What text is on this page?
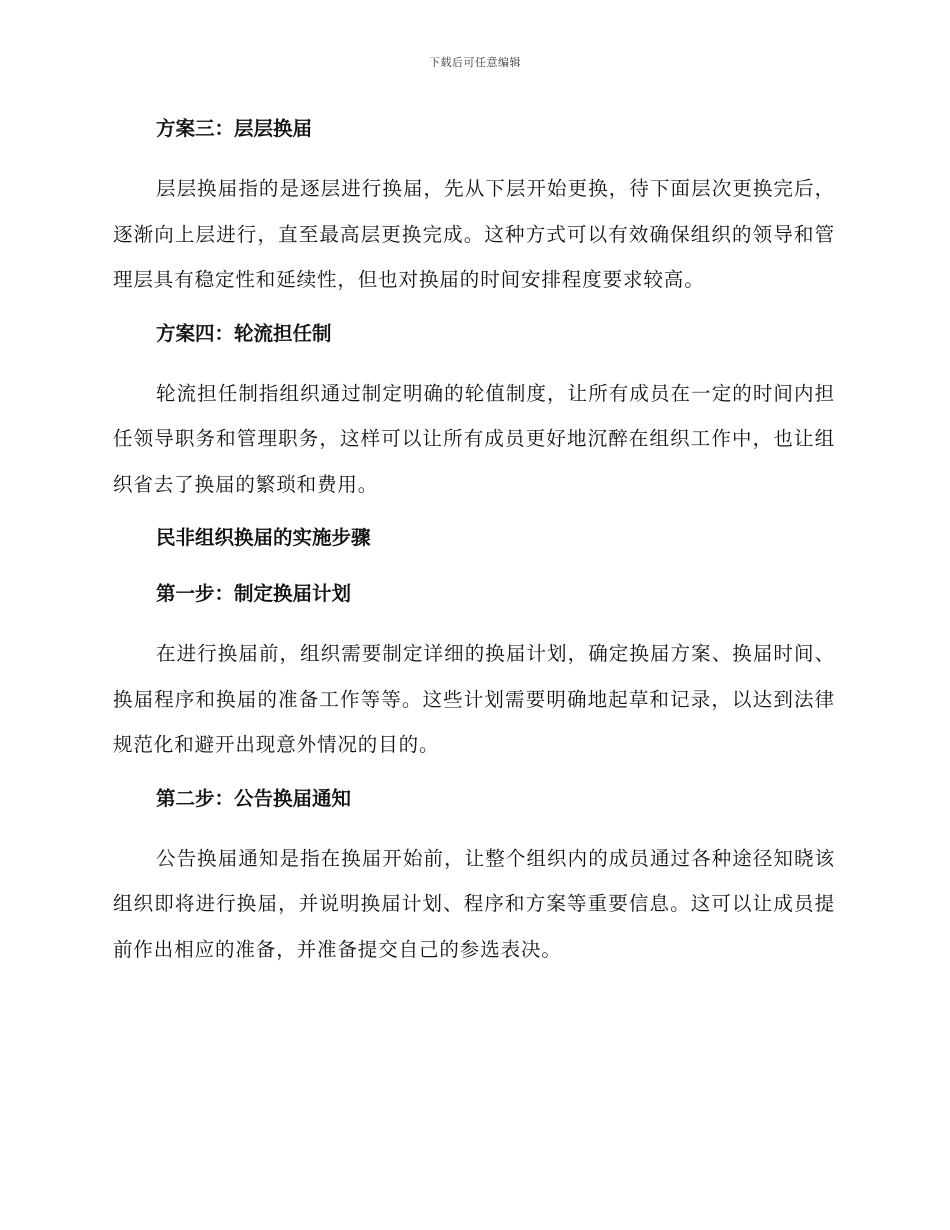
下载后可任意编辑
方案三：层层换届

层层换届指的是逐层进行换届，先从下层开始更换，待下面层次更换完后，逐渐向上层进行，直至最高层更换完成。这种方式可以有效确保组织的领导和管理层具有稳定性和延续性，但也对换届的时间安排程度要求较高。

方案四：轮流担任制

轮流担任制指组织通过制定明确的轮值制度，让所有成员在一定的时间内担任领导职务和管理职务，这样可以让所有成员更好地沉醉在组织工作中，也让组织省去了换届的繁琐和费用。

民非组织换届的实施步骤
第一步：制定换届计划

在进行换届前，组织需要制定详细的换届计划，确定换届方案、换届时间、换届程序和换届的准备工作等等。这些计划需要明确地起草和记录，以达到法律规范化和避开出现意外情况的目的。

第二步：公告换届通知

公告换届通知是指在换届开始前，让整个组织内的成员通过各种途径知晓该组织即将进行换届，并说明换届计划、程序和方案等重要信息。这可以让成员提前作出相应的准备，并准备提交自己的参选表决。
